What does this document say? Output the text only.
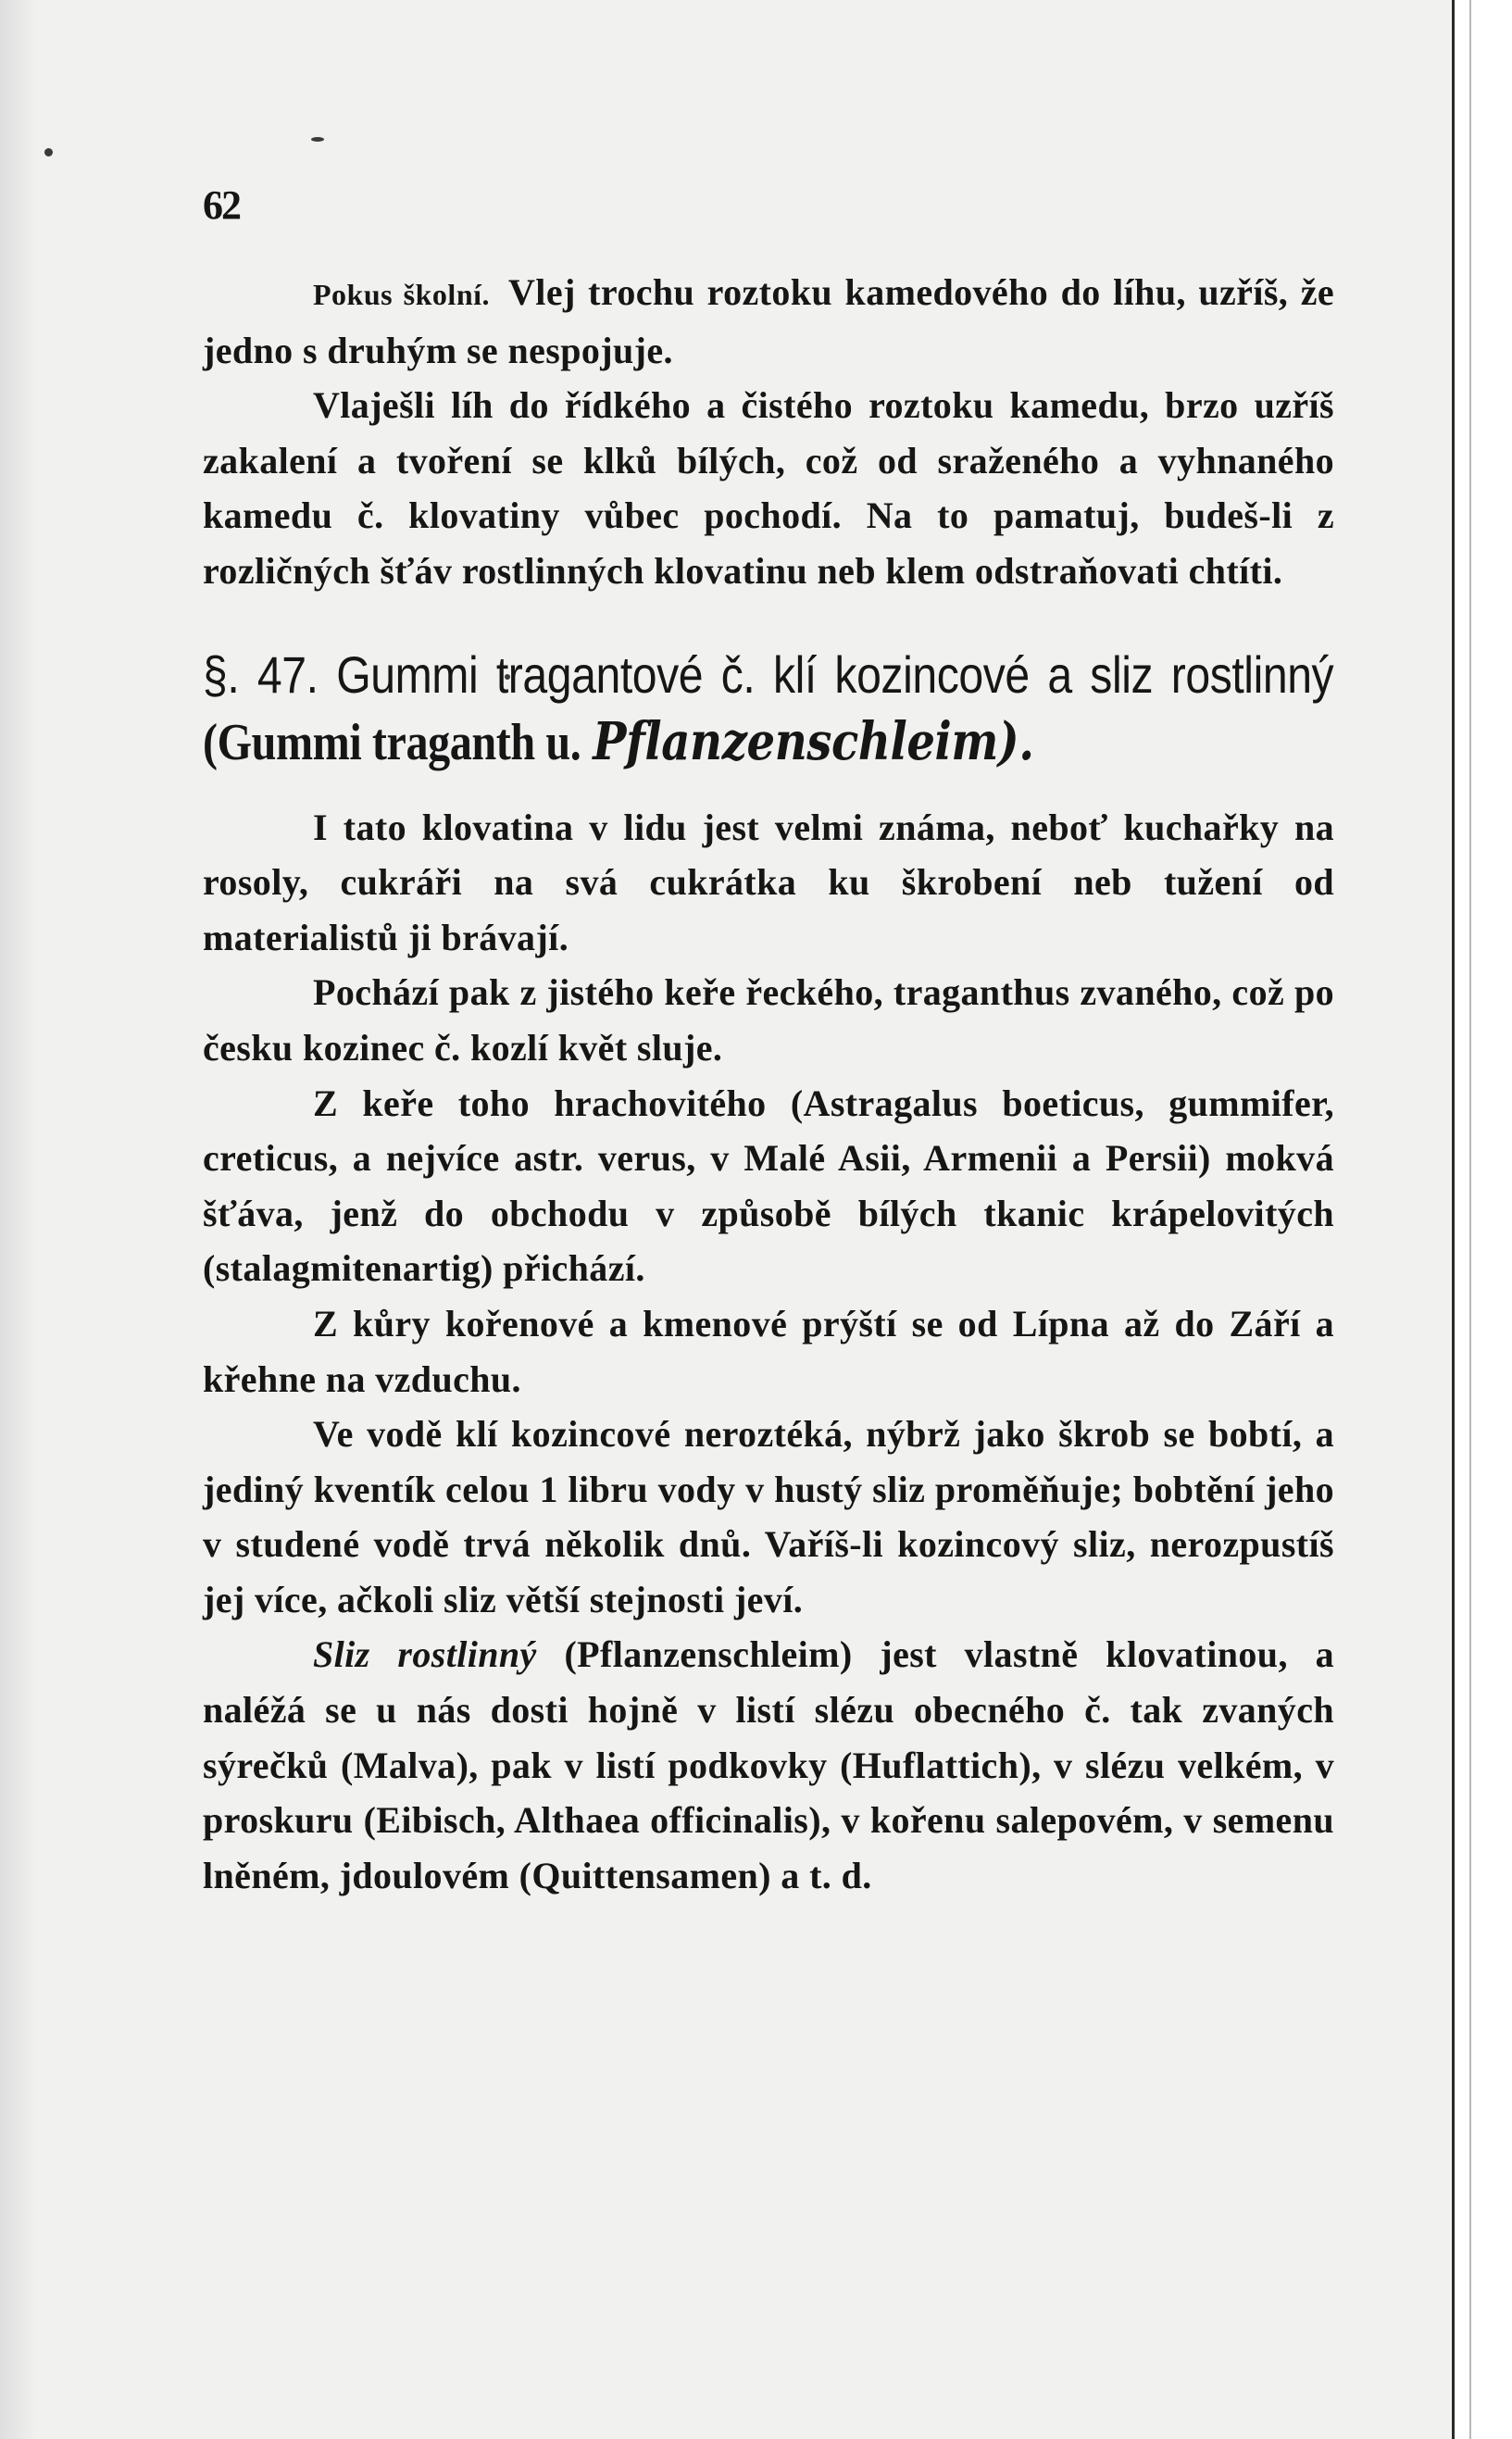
62

Pokus školní. Vlej trochu roztoku kamedového do líhu, uzříš, že jedno s druhým se nespojuje.

Vlaješli líh do řídkého a čistého roztoku kamedu, brzo uzříš zakalení a tvoření se klků bílých, což od sraženého a vyhnaného kamedu č. klovatiny vůbec pochodí. Na to pamatuj, budeš-li z rozličných šťáv rostlinných klovatinu neb klem odstraňovati chtíti.

§. 47. Gummi tragantové č. klí kozincové a sliz rostlinný (Gummi traganth u. Pflanzenschleim).

I tato klovatina v lidu jest velmi známa, neboť kuchařky na rosoly, cukráři na svá cukrátka ku škrobení neb tužení od materialistů ji brávají.

Pochází pak z jistého keře řeckého, traganthus zvaného, což po česku kozinec č. kozlí květ sluje.

Z keře toho hrachovitého (Astragalus boeticus, gummifer, creticus, a nejvíce astr. verus, v Malé Asii, Armenii a Persii) mokvá šťáva, jenž do obchodu v způsobě bílých tkanic krápelovitých (stalagmitenartig) přichází.

Z kůry kořenové a kmenové prýští se od Lípna až do Září a křehne na vzduchu.

Ve vodě klí kozincové neroztéká, nýbrž jako škrob se bobtí, a jediný kventík celou 1 libru vody v hustý sliz proměňuje; bobtění jeho v studené vodě trvá několik dnů. Vaříš-li kozincový sliz, nerozpustíš jej více, ačkoli sliz větší stejnosti jeví.

Sliz rostlinný (Pflanzenschleim) jest vlastně klovatinou, a naléžá se u nás dosti hojně v listí slézu obecného č. tak zvaných sýrečků (Malva), pak v listí podkovky (Huflattich), v slézu velkém, v proskuru (Eibisch, Althaea officinalis), v kořenu salepovém, v semenu lněném, jdoulovém (Quittensamen) a t. d.
